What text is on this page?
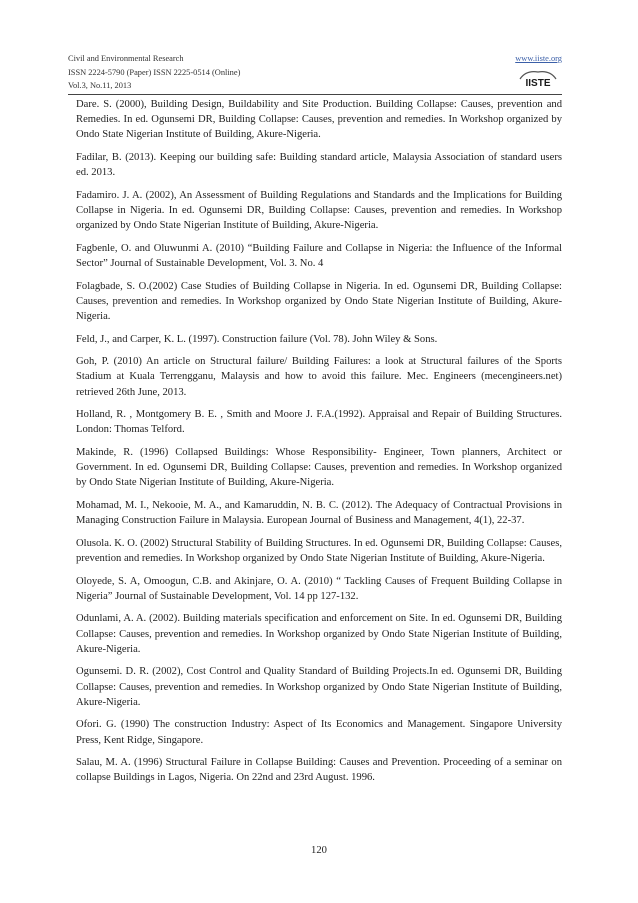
Civil and Environmental Research
ISSN 2224-5790 (Paper) ISSN 2225-0514 (Online)
Vol.3, No.11, 2013
www.iiste.org
IISTE

Dare. S. (2000), Building Design, Buildability and Site Production. Building Collapse: Causes, prevention and Remedies. In ed. Ogunsemi DR, Building Collapse: Causes, prevention and remedies. In Workshop organized by Ondo State Nigerian Institute of Building, Akure-Nigeria.

Fadilar, B. (2013). Keeping our building safe: Building standard article, Malaysia Association of standard users ed. 2013.

Fadamiro. J. A. (2002), An Assessment of Building Regulations and Standards and the Implications for Building Collapse in Nigeria. In ed. Ogunsemi DR, Building Collapse: Causes, prevention and remedies. In Workshop organized by Ondo State Nigerian Institute of Building, Akure-Nigeria.

Fagbenle, O. and Oluwunmi A. (2010) “Building Failure and Collapse in Nigeria: the Influence of the Informal Sector” Journal of Sustainable Development, Vol. 3. No. 4

Folagbade, S. O.(2002) Case Studies of Building Collapse in Nigeria. In ed. Ogunsemi DR, Building Collapse: Causes, prevention and remedies. In Workshop organized by Ondo State Nigerian Institute of Building, Akure-Nigeria.

Feld, J., and Carper, K. L. (1997). Construction failure (Vol. 78). John Wiley & Sons.

Goh, P. (2010) An article on Structural failure/ Building Failures: a look at Structural failures of the Sports Stadium at Kuala Terrengganu, Malaysis and how to avoid this failure. Mec. Engineers (mecengineers.net) retrieved 26th June, 2013.

Holland, R. , Montgomery B. E. , Smith and Moore J. F.A.(1992). Appraisal and Repair of Building Structures. London: Thomas Telford.

Makinde, R. (1996) Collapsed Buildings: Whose Responsibility- Engineer, Town planners, Architect or Government. In ed. Ogunsemi DR, Building Collapse: Causes, prevention and remedies. In Workshop organized by Ondo State Nigerian Institute of Building, Akure-Nigeria.

Mohamad, M. I., Nekooie, M. A., and Kamaruddin, N. B. C. (2012). The Adequacy of Contractual Provisions in Managing Construction Failure in Malaysia. European Journal of Business and Management, 4(1), 22-37.

Olusola. K. O. (2002) Structural Stability of Building Structures. In ed. Ogunsemi DR, Building Collapse: Causes, prevention and remedies. In Workshop organized by Ondo State Nigerian Institute of Building, Akure-Nigeria.

Oloyede, S. A, Omoogun, C.B. and Akinjare, O. A. (2010) “ Tackling Causes of Frequent Building Collapse in Nigeria” Journal of Sustainable Development, Vol. 14 pp 127-132.

Odunlami, A. A. (2002). Building materials specification and enforcement on Site. In ed. Ogunsemi DR, Building Collapse: Causes, prevention and remedies. In Workshop organized by Ondo State Nigerian Institute of Building, Akure-Nigeria.

Ogunsemi. D. R. (2002), Cost Control and Quality Standard of Building Projects.In ed. Ogunsemi DR, Building Collapse: Causes, prevention and remedies. In Workshop organized by Ondo State Nigerian Institute of Building, Akure-Nigeria.

Ofori. G. (1990) The construction Industry: Aspect of Its Economics and Management. Singapore University Press, Kent Ridge, Singapore.

Salau, M. A. (1996) Structural Failure in Collapse Building: Causes and Prevention. Proceeding of a seminar on collapse Buildings in Lagos, Nigeria. On 22nd and 23rd August. 1996.

120
